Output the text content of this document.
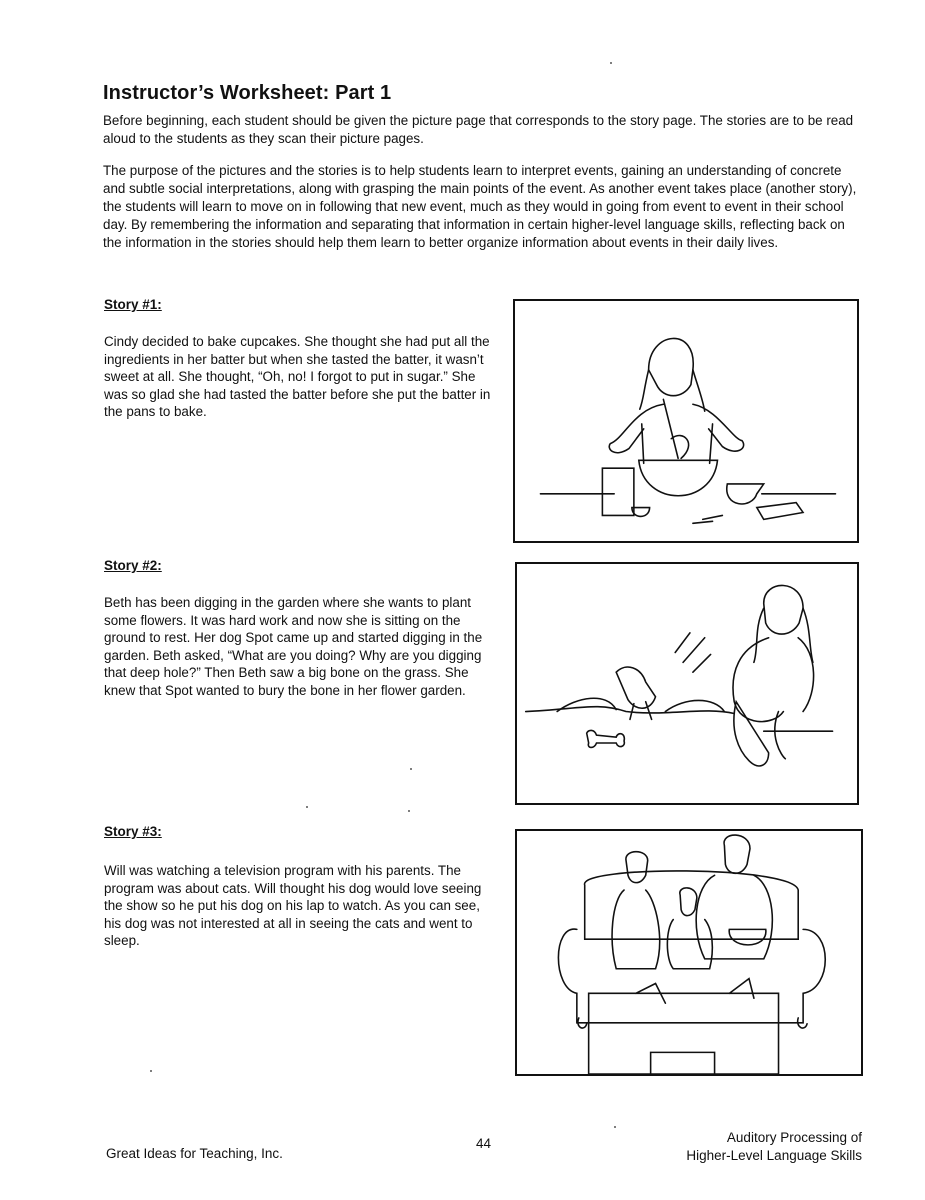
Instructor’s Worksheet: Part 1

Before beginning, each student should be given the picture page that corresponds to the story page. The stories are to be read aloud to the students as they scan their picture pages.

The purpose of the pictures and the stories is to help students learn to interpret events, gaining an understanding of concrete and subtle social interpretations, along with grasping the main points of the event. As another event takes place (another story), the students will learn to move on in following that new event, much as they would in going from event to event in their school day. By remembering the information and separating that information in certain higher-level language skills, reflecting back on the information in the stories should help them learn to better organize information about events in their daily lives.

Story #1:

Cindy decided to bake cupcakes. She thought she had put all the ingredients in her batter but when she tasted the batter, it wasn’t sweet at all. She thought, “Oh, no! I forgot to put in sugar.” She was so glad she had tasted the batter before she put the batter in the pans to bake.

Story #2:

Beth has been digging in the garden where she wants to plant some flowers. It was hard work and now she is sitting on the ground to rest. Her dog Spot came up and started digging in the garden. Beth asked, “What are you doing? Why are you digging that deep hole?” Then Beth saw a big bone on the grass. She knew that Spot wanted to bury the bone in her flower garden.

Story #3:

Will was watching a television program with his parents. The program was about cats. Will thought his dog would love seeing the show so he put his dog on his lap to watch. As you can see, his dog was not interested at all in seeing the cats and went to sleep.

Great Ideas for Teaching, Inc.
44	Auditory Processing of
Higher-Level Language Skills
